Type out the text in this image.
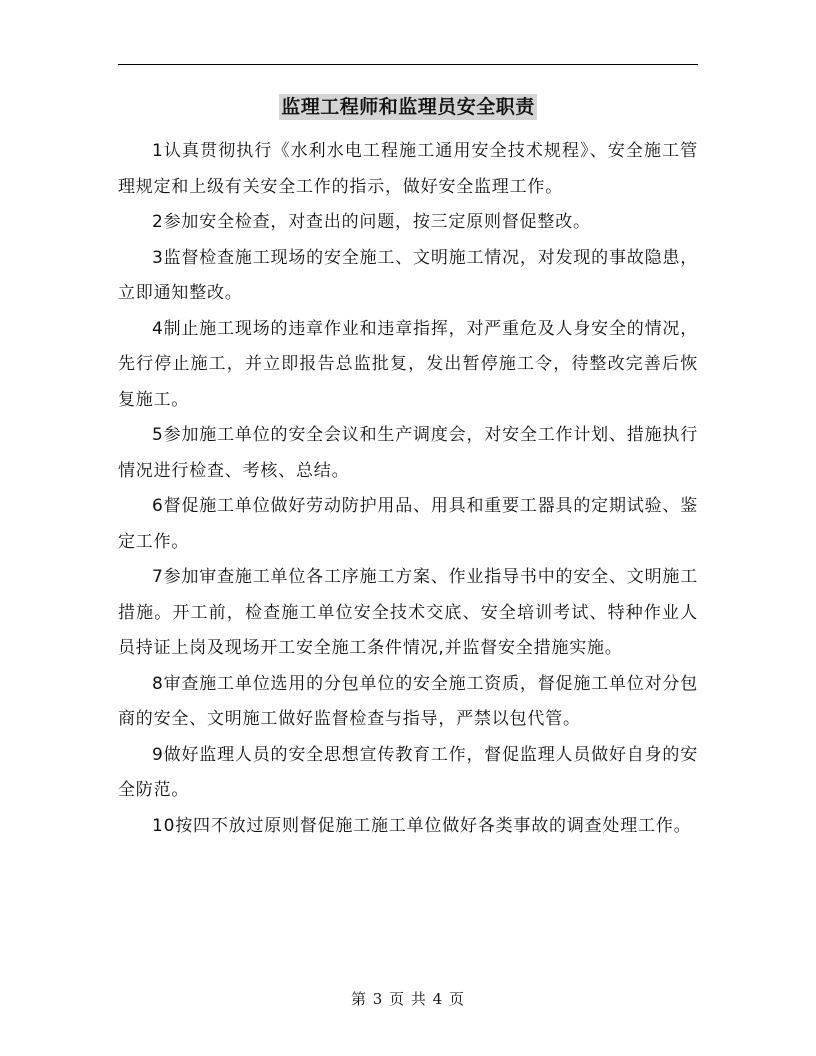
监理工程师和监理员安全职责

1认真贯彻执行《水利水电工程施工通用安全技术规程》、安全施工管理规定和上级有关安全工作的指示，做好安全监理工作。

2参加安全检查，对查出的问题，按三定原则督促整改。

3监督检查施工现场的安全施工、文明施工情况，对发现的事故隐患，立即通知整改。

4制止施工现场的违章作业和违章指挥，对严重危及人身安全的情况，先行停止施工，并立即报告总监批复，发出暂停施工令，待整改完善后恢复施工。

5参加施工单位的安全会议和生产调度会，对安全工作计划、措施执行情况进行检查、考核、总结。

6督促施工单位做好劳动防护用品、用具和重要工器具的定期试验、鉴定工作。

7参加审查施工单位各工序施工方案、作业指导书中的安全、文明施工措施。开工前，检查施工单位安全技术交底、安全培训考试、特种作业人员持证上岗及现场开工安全施工条件情况,并监督安全措施实施。

8审查施工单位选用的分包单位的安全施工资质，督促施工单位对分包商的安全、文明施工做好监督检查与指导，严禁以包代管。

9做好监理人员的安全思想宣传教育工作，督促监理人员做好自身的安全防范。

10按四不放过原则督促施工施工单位做好各类事故的调查处理工作。

第 3 页 共 4 页
